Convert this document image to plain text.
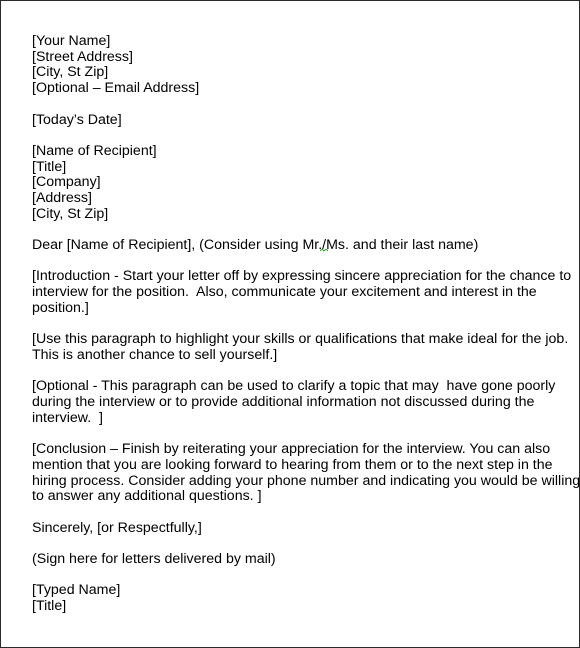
[Your Name]
[Street Address]
[City, St Zip]
[Optional – Email Address]
[Today’s Date]
[Name of Recipient]
[Title]
[Company]
[Address]
[City, St Zip]
Dear [Name of Recipient], (Consider using Mr.
/Ms. and their last name)
[Introduction - Start your letter off by expressing sincere appreciation for the chance to
interview for the position.  Also, communicate your excitement and interest in the
position.]
[Use this paragraph to highlight your skills or qualifications that make ideal for the job.
This is another chance to sell yourself.]
[Optional - This paragraph can be used to clarify a topic that may  have gone poorly
during the interview or to provide additional information not discussed during the
interview.  ]
[Conclusion – Finish by reiterating your appreciation for the interview. You can also
mention that you are looking forward to hearing from them or to the next step in the
hiring process. Consider adding your phone number and indicating you would be willing
to answer any additional questions. ]
Sincerely, [or Respectfully,]
(Sign here for letters delivered by mail)
[Typed Name]
[Title]
